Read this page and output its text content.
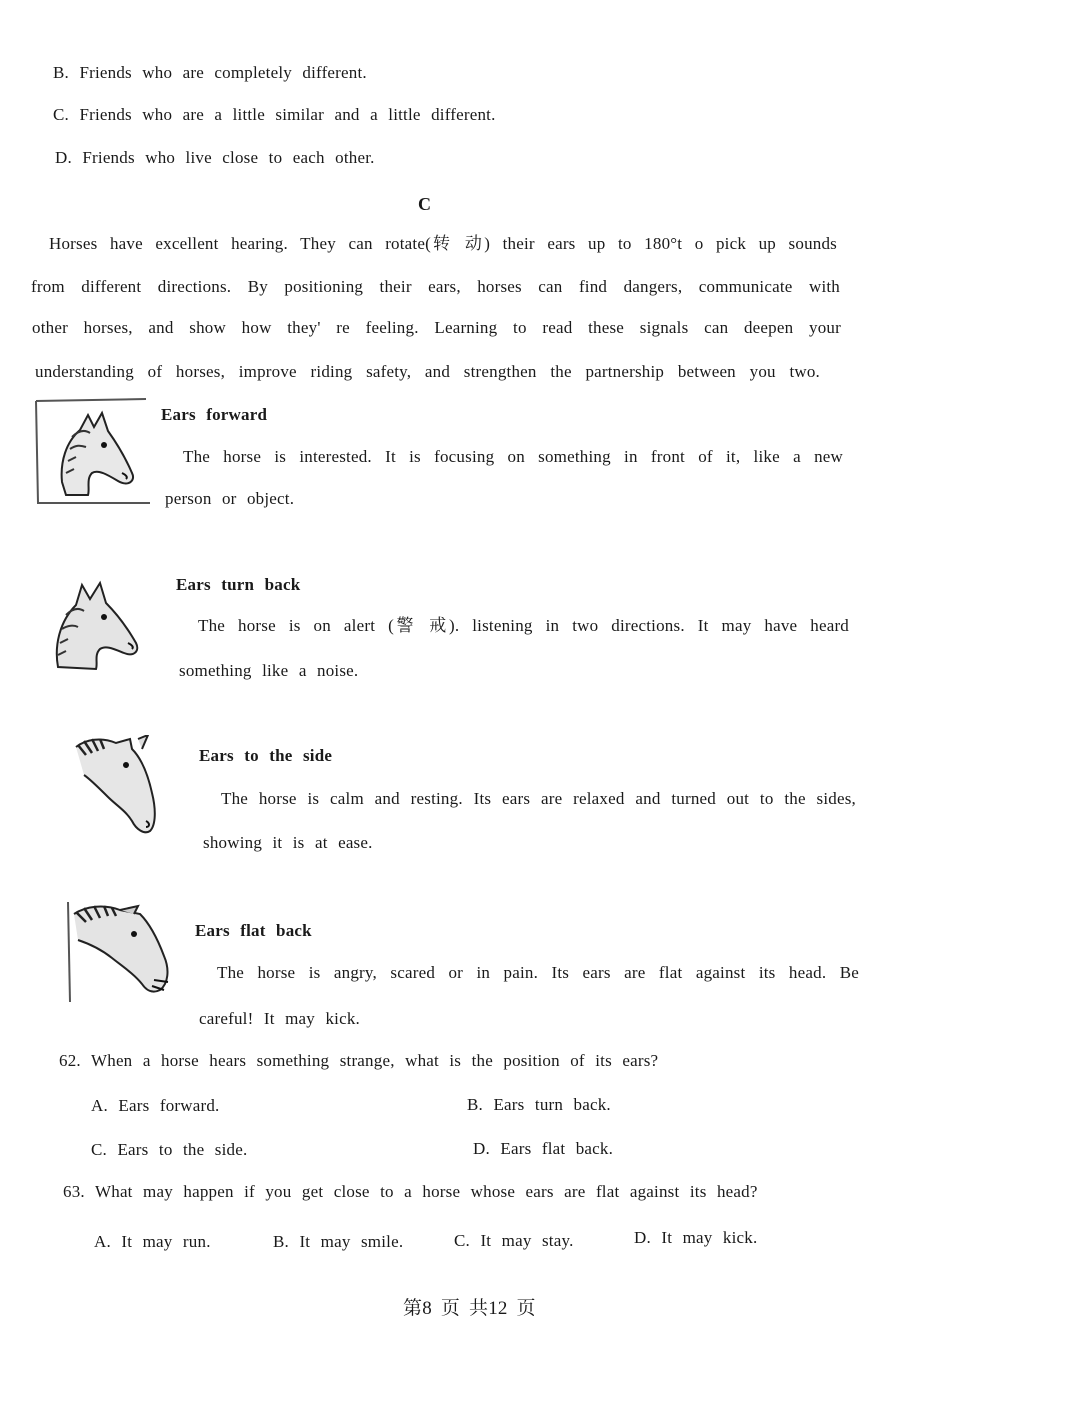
B. Friends who are completely different.
C. Friends who are a little similar and a little different.
D. Friends who live close to each other.
C
Horses have excellent hearing. They can rotate(转 动) their ears up to 180°t o pick up sounds
from different directions. By positioning their ears, horses can find dangers, communicate with
other horses, and show how they' re feeling. Learning to read these signals can deepen your
understanding of horses, improve riding safety, and strengthen the partnership between you two.
Ears forward
The horse is interested. It is focusing on something in front of it, like a new
person or object.
Ears turn back
The horse is on alert (警 戒). listening in two directions. It may have heard
something like a noise.
Ears to the side
The horse is calm and resting. Its ears are relaxed and turned out to the sides,
showing it is at ease.
Ears flat back
The horse is angry, scared or in pain. Its ears are flat against its head. Be
careful! It may kick.
62. When a horse hears something strange, what is the position of its ears?
A. Ears forward.	B. Ears turn back.
C. Ears to the side.	D. Ears flat back.
63. What may happen if you get close to a horse whose ears are flat against its head?
A. It may run.	B. It may smile.	C. It may stay.	D. It may kick.
第8 页 共12 页
